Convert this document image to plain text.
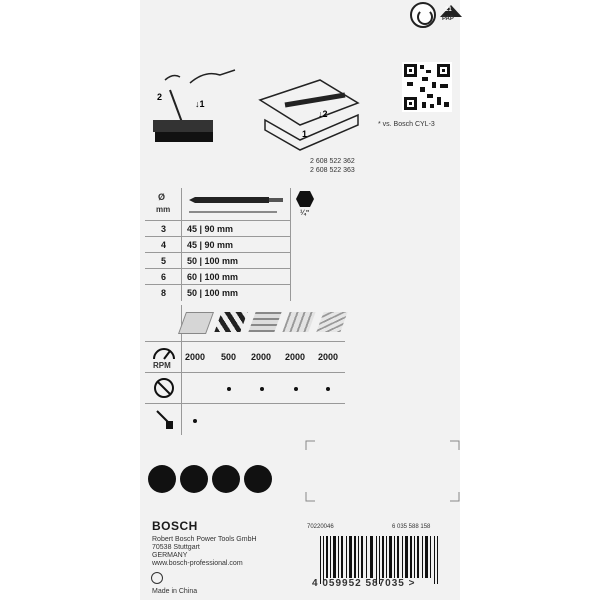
21
PAP
2
↓1
↓2
1
* vs. Bosch CYL-3
2 608 522 362
2 608 522 363
Ø
mm	¼"
3 45 | 90 mm
4 45 | 90 mm
5 50 | 100 mm
6 60 | 100 mm
8 50 | 100 mm
RPM
2000 500 2000 2000 2000
BOSCH
Robert Bosch Power Tools GmbH
70538 Stuttgart
GERMANY
www.bosch-professional.com
Made in China
70220046	6 035 588 158
4 059952 587035 >
